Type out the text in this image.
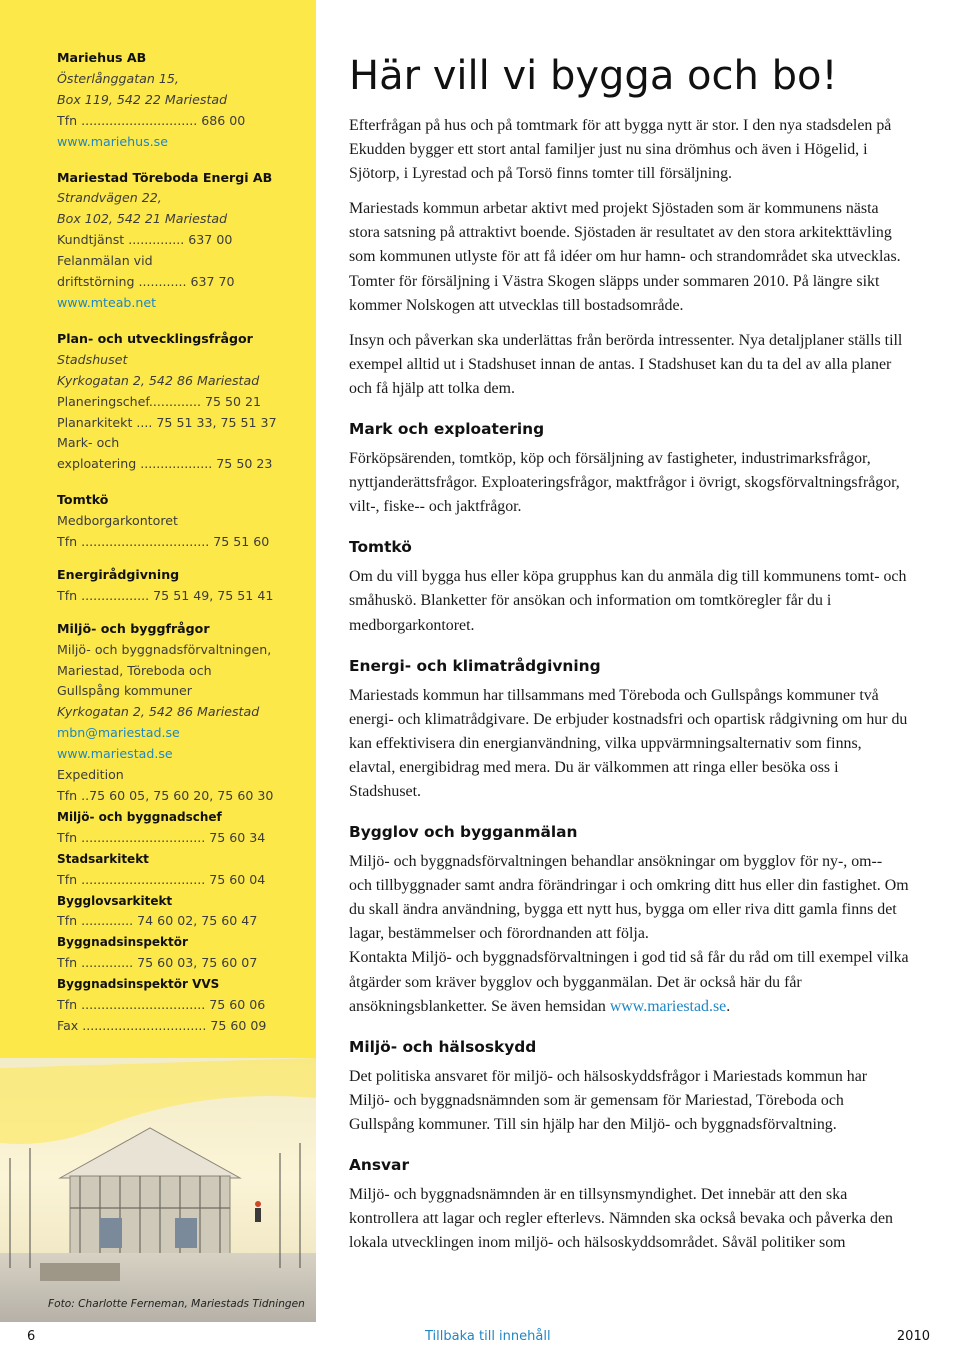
Mariehus AB
Österlånggatan 15,
Box 119, 542 22 Mariestad
Tfn ............................. 686 00
www.mariehus.se
Mariestad Töreboda Energi AB
Strandvägen 22,
Box 102, 542 21 Mariestad
Kundtjänst .............. 637 00
Felanmälan vid
driftstörning ............ 637 70
www.mteab.net
Plan- och utvecklingsfrågor
Stadshuset
Kyrkogatan 2, 542 86 Mariestad
Planeringschef............. 75 50 21
Planarkitekt .... 75 51 33, 75 51 37
Mark- och
exploatering .................. 75 50 23
Tomtkö
Medborgarkontoret
Tfn ................................ 75 51 60
Energirådgivning
Tfn ................. 75 51 49, 75 51 41
Miljö- och byggfrågor
Miljö- och byggnadsförvaltningen,
Mariestad, Töreboda och
Gullspång kommuner
Kyrkogatan 2, 542 86 Mariestad
mbn@mariestad.se
www.mariestad.se
Expedition
Tfn ..75 60 05, 75 60 20, 75 60 30
Miljö- och byggnadschef
Tfn ............................... 75 60 34
Stadsarkitekt
Tfn ............................... 75 60 04
Bygglovsarkitekt
Tfn ............. 74 60 02, 75 60 47
Byggnadsinspektör
Tfn ............. 75 60 03, 75 60 07
Byggnadsinspektör VVS
Tfn ............................... 75 60 06
Fax ............................... 75 60 09
Foto: Charlotte Ferneman, Mariestads Tidningen
Här vill vi bygga och bo!

Efterfrågan på hus och på tomtmark för att bygga nytt är stor. I den nya stadsdelen på Ekudden bygger ett stort antal familjer just nu sina drömhus och även i Högelid, i Sjötorp, i Lyrestad och på Torsö finns tomter till försäljning.

Mariestads kommun arbetar aktivt med projekt Sjöstaden som är kommunens nästa stora satsning på attraktivt boende. Sjöstaden är resultatet av den stora arkitekttävling som kommunen utlyste för att få idéer om hur hamn- och strandområdet ska utvecklas. Tomter för försäljning i Västra Skogen släpps under sommaren 2010. På längre sikt kommer Nolskogen att utvecklas till bostadsområde.

Insyn och påverkan ska underlättas från berörda intressenter. Nya detaljplaner ställs till exempel alltid ut i Stadshuset innan de antas. I Stadshuset kan du ta del av alla planer och få hjälp att tolka dem.

Mark och exploatering

Förköpsärenden, tomtköp, köp och försäljning av fastigheter, industrimarksfrågor, nyttjanderättsfrågor. Exploateringsfrågor, maktfrågor i övrigt, skogsförvaltningsfrågor, vilt-, fiske-- och jaktfrågor.

Tomtkö

Om du vill bygga hus eller köpa grupphus kan du anmäla dig till kommunens tomt- och småhuskö. Blanketter för ansökan och information om tomtköregler får du i medborgarkontoret.

Energi- och klimatrådgivning

Mariestads kommun har tillsammans med Töreboda och Gullspångs kommuner två energi- och klimatrådgivare. De erbjuder kostnadsfri och opartisk rådgivning om hur du kan effektivisera din energianvändning, vilka uppvärmningsalternativ som finns, elavtal, energibidrag med mera. Du är välkommen att ringa eller besöka oss i Stadshuset.

Bygglov och bygganmälan

Miljö- och byggnadsförvaltningen behandlar ansökningar om bygglov för ny-, om-- och tillbyggnader samt andra förändringar i och omkring ditt hus eller din fastighet. Om du skall ändra användning, bygga ett nytt hus, bygga om eller riva ditt gamla finns det lagar, bestämmelser och förordnanden att följa.

Kontakta Miljö- och byggnadsförvaltningen i god tid så får du råd om till exempel vilka åtgärder som kräver bygglov och bygganmälan. Det är också här du får ansökningsblanketter. Se även hemsidan www.mariestad.se.

Miljö- och hälsoskydd

Det politiska ansvaret för miljö- och hälsoskyddsfrågor i Mariestads kommun har Miljö- och byggnadsnämnden som är gemensam för Mariestad, Töreboda och Gullspång kommuner. Till sin hjälp har den Miljö- och byggnadsförvaltning.

Ansvar

Miljö- och byggnadsnämnden är en tillsynsmyndighet. Det innebär att den ska kontrollera att lagar och regler efterlevs. Nämnden ska också bevaka och påverka den lokala utvecklingen inom miljö- och hälsoskyddsområdet. Såväl politiker som

6	Tillbaka till innehåll	2010
